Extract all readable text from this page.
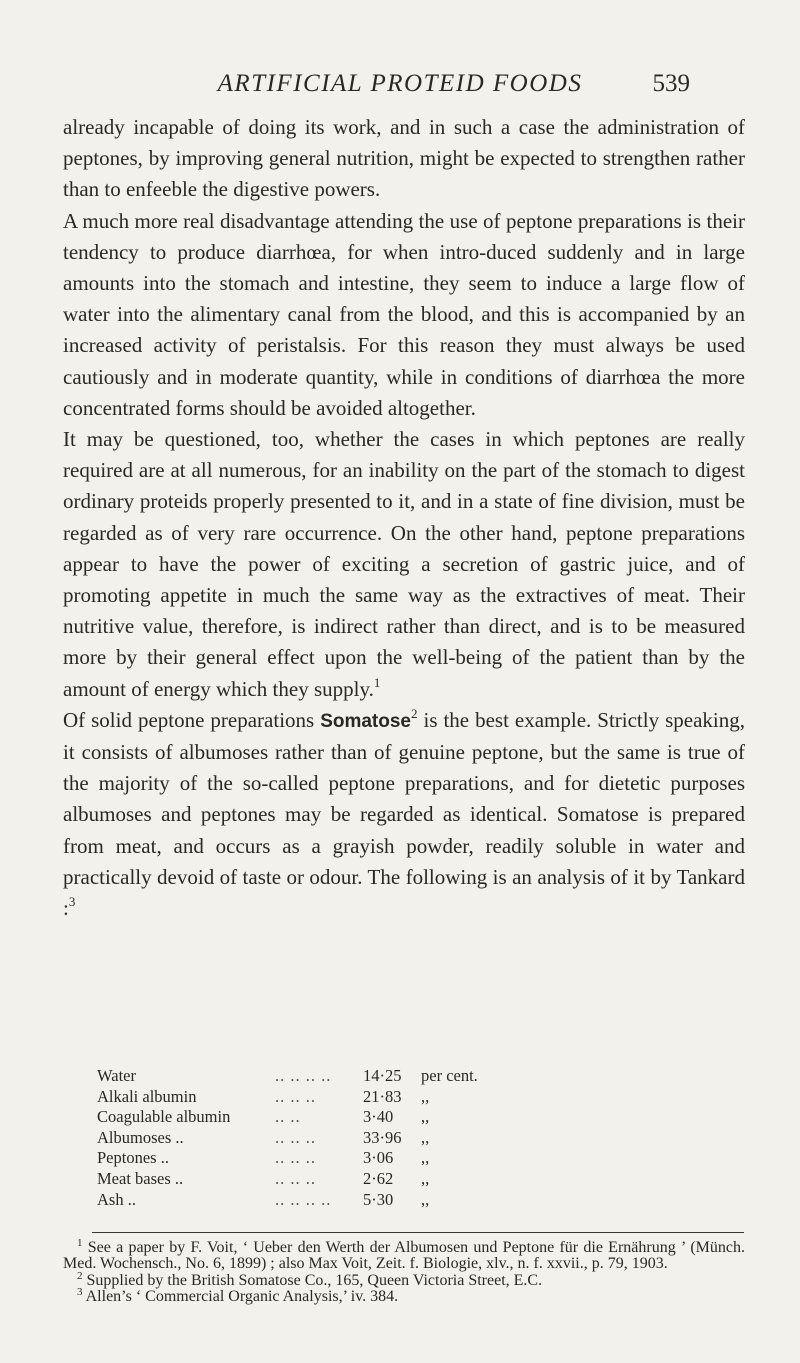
ARTIFICIAL PROTEID FOODS	539

already incapable of doing its work, and in such a case the administration of peptones, by improving general nutrition, might be expected to strengthen rather than to enfeeble the digestive powers.

A much more real disadvantage attending the use of peptone preparations is their tendency to produce diarrhœa, for when intro-duced suddenly and in large amounts into the stomach and intestine, they seem to induce a large flow of water into the alimentary canal from the blood, and this is accompanied by an increased activity of peristalsis. For this reason they must always be used cautiously and in moderate quantity, while in conditions of diarrhœa the more concentrated forms should be avoided altogether.

It may be questioned, too, whether the cases in which peptones are really required are at all numerous, for an inability on the part of the stomach to digest ordinary proteids properly presented to it, and in a state of fine division, must be regarded as of very rare occurrence. On the other hand, peptone preparations appear to have the power of exciting a secretion of gastric juice, and of promoting appetite in much the same way as the extractives of meat. Their nutritive value, therefore, is indirect rather than direct, and is to be measured more by their general effect upon the well-being of the patient than by the amount of energy which they supply.$^1$

Of solid peptone preparations Somatose$^2$ is the best example. Strictly speaking, it consists of albumoses rather than of genuine peptone, but the same is true of the majority of the so-called peptone preparations, and for dietetic purposes albumoses and peptones may be regarded as identical. Somatose is prepared from meat, and occurs as a grayish powder, readily soluble in water and practically devoid of taste or odour. The following is an analysis of it by Tankard :$^3$

Water	.. .. .. ..	14·25	per cent.
Alkali albumin	.. .. ..	21·83	,,
Coagulable albumin	.. ..	3·40	,,
Albumoses ..	.. .. ..	33·96	,,
Peptones ..	.. .. ..	3·06	,,
Meat bases ..	.. .. ..	2·62	,,
Ash ..	.. .. .. ..	5·30	,,

$^1$ See a paper by F. Voit, ‘ Ueber den Werth der Albumosen und Peptone für die Ernährung ’ (Münch. Med. Wochensch., No. 6, 1899) ; also Max Voit, Zeit. f. Biologie, xlv., n. f. xxvii., p. 79, 1903.

$^2$ Supplied by the British Somatose Co., 165, Queen Victoria Street, E.C.

$^3$ Allen’s ‘ Commercial Organic Analysis,’ iv. 384.
